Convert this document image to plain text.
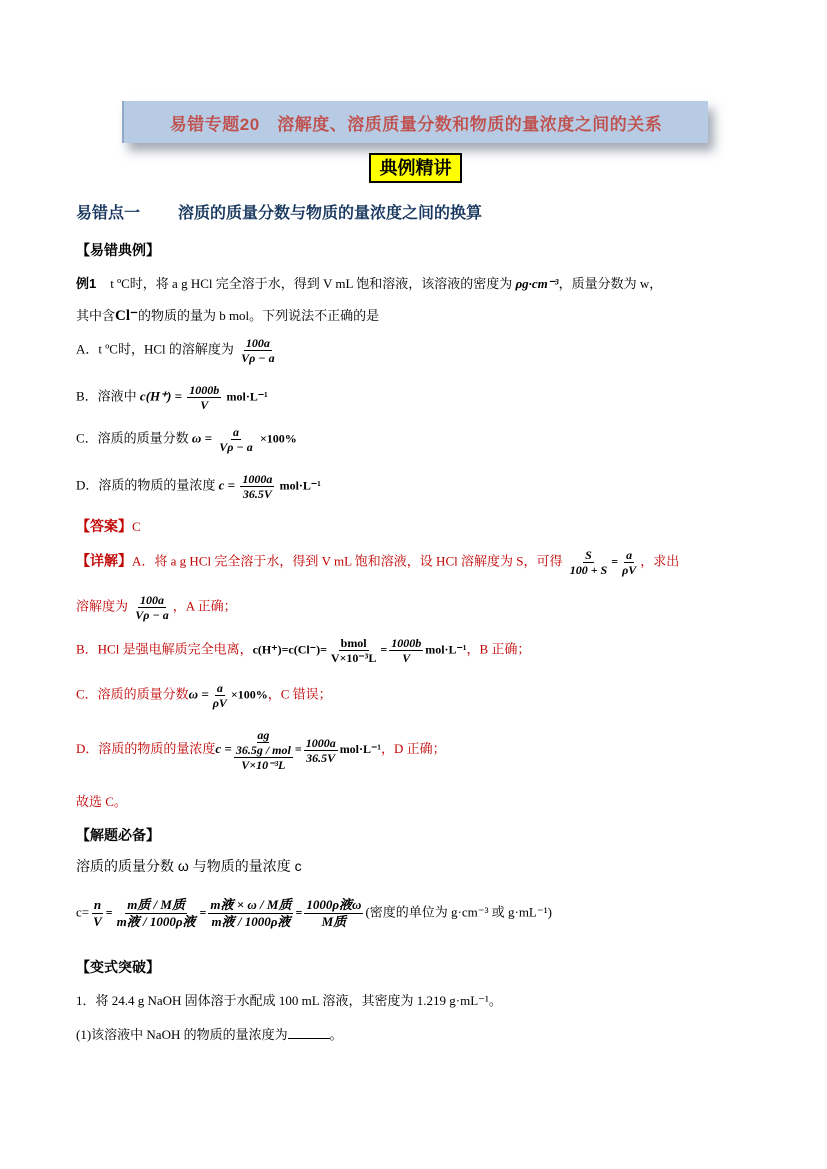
易错专题20　溶解度、溶质质量分数和物质的量浓度之间的关系
典例精讲
易错点一 溶质的质量分数与物质的量浓度之间的换算
【易错典例】
例1 t ºC时，将 a g HCl 完全溶于水，得到 V mL 饱和溶液，该溶液的密度为 ρg·cm⁻³，质量分数为 w，
其中含Cl⁻的物质的量为 b mol。下列说法不正确的是
A．t ºC时，HCl 的溶解度为 $\frac{100a}{V\rho - a}$
B．溶液中 $c(H^+) = \frac{1000b}{V} mol\cdot L^{-1}$
C．溶质的质量分数 $\omega = \frac{a}{V\rho - a} \times 100\%$
D．溶质的物质的量浓度 $c = \frac{1000a}{36.5V} mol\cdot L^{-1}$
【答案】C
【详解】A．将 a g HCl 完全溶于水，得到 V mL 饱和溶液，设 HCl 溶解度为 S，可得 $\frac{S}{100 + S} = \frac{a}{\rho V}$ ，求出
溶解度为 $\frac{100a}{V\rho - a}$ ，A 正确；
B．HCl 是强电解质完全电离，$c(H^+)=c(Cl^-)= \frac{\text{bmol}}{\text{V×10⁻³L}} = \frac{1000b}{V} mol\cdot L^{-1}$，B 正确；
C．溶质的质量分数$\omega = \frac{a}{\rho V} \times 100\%$，C 错误；
D．溶质的物质的量浓度c = ag
36.5g / mol
$V\times 10^{-3}L = \frac{1000a}{36.5V} mol\cdot L^{-1}$，D 正确；
故选 C。
【解题必备】
溶质的质量分数 ω 与物质的量浓度 c
$c= \frac{n}{V} = \frac{\text{m质 / M质}}{\text{m液 / 1000ρ液}} = \frac{\text{m液 × ω / M质}}{\text{m液 / 1000ρ液}} = \frac{\text{1000ρ液ω}}{\text{M质}}$ (密度的单位为 g·cm⁻³ 或 g·mL⁻¹)
【变式突破】
1．将 24.4 g NaOH 固体溶于水配成 100 mL 溶液，其密度为 1.219 g·mL⁻¹。
(1)该溶液中 NaOH 的物质的量浓度为	。
